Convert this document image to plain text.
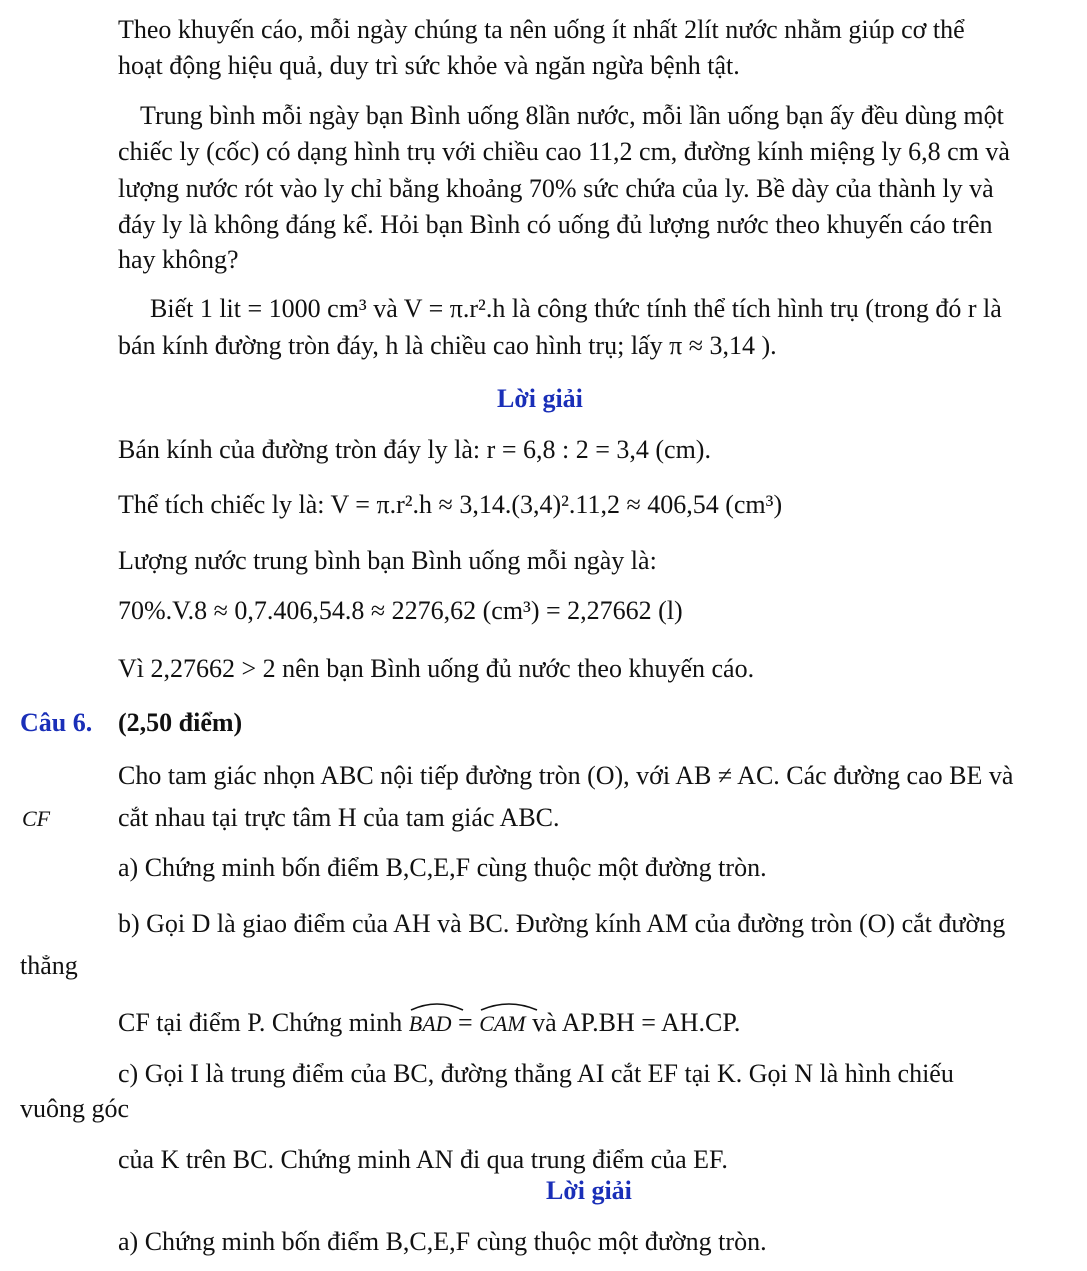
Theo khuyến cáo, mỗi ngày chúng ta nên uống ít nhất 2lít nước nhằm giúp cơ thể
hoạt động hiệu quả, duy trì sức khỏe và ngăn ngừa bệnh tật.
Trung bình mỗi ngày bạn Bình uống 8lần nước, mỗi lần uống bạn ấy đều dùng một
chiếc ly (cốc) có dạng hình trụ với chiều cao 11,2 cm, đường kính miệng ly 6,8 cm và
lượng nước rót vào ly chỉ bằng khoảng 70% sức chứa của ly. Bề dày của thành ly và
đáy ly là không đáng kể. Hỏi bạn Bình có uống đủ lượng nước theo khuyến cáo trên
hay không?
Biết 1 lit = 1000 cm³ và V = π.r².h là công thức tính thể tích hình trụ (trong đó r là
bán kính đường tròn đáy, h là chiều cao hình trụ; lấy π ≈ 3,14 ).
Lời giải
Bán kính của đường tròn đáy ly là: r = 6,8 : 2 = 3,4 (cm).
Thể tích chiếc ly là: V = π.r².h ≈ 3,14.(3,4)².11,2 ≈ 406,54 (cm³)
Lượng nước trung bình bạn Bình uống mỗi ngày là:
70%.V.8 ≈ 0,7.406,54.8 ≈ 2276,62 (cm³) = 2,27662 (l)
Vì 2,27662 > 2 nên bạn Bình uống đủ nước theo khuyến cáo.
Câu 6. (2,50 điểm)
Cho tam giác nhọn ABC nội tiếp đường tròn (O), với AB ≠ AC. Các đường cao BE và
CF	cắt nhau tại trực tâm H của tam giác ABC.
a) Chứng minh bốn điểm B,C,E,F cùng thuộc một đường tròn.
b) Gọi D là giao điểm của AH và BC. Đường kính AM của đường tròn (O) cắt đường
thẳng
CF tại điểm P. Chứng minh BAD = CAM và AP.BH = AH.CP.
c) Gọi I là trung điểm của BC, đường thẳng AI cắt EF tại K. Gọi N là hình chiếu
vuông góc
của K trên BC. Chứng minh AN đi qua trung điểm của EF.
Lời giải
a) Chứng minh bốn điểm B,C,E,F cùng thuộc một đường tròn.
